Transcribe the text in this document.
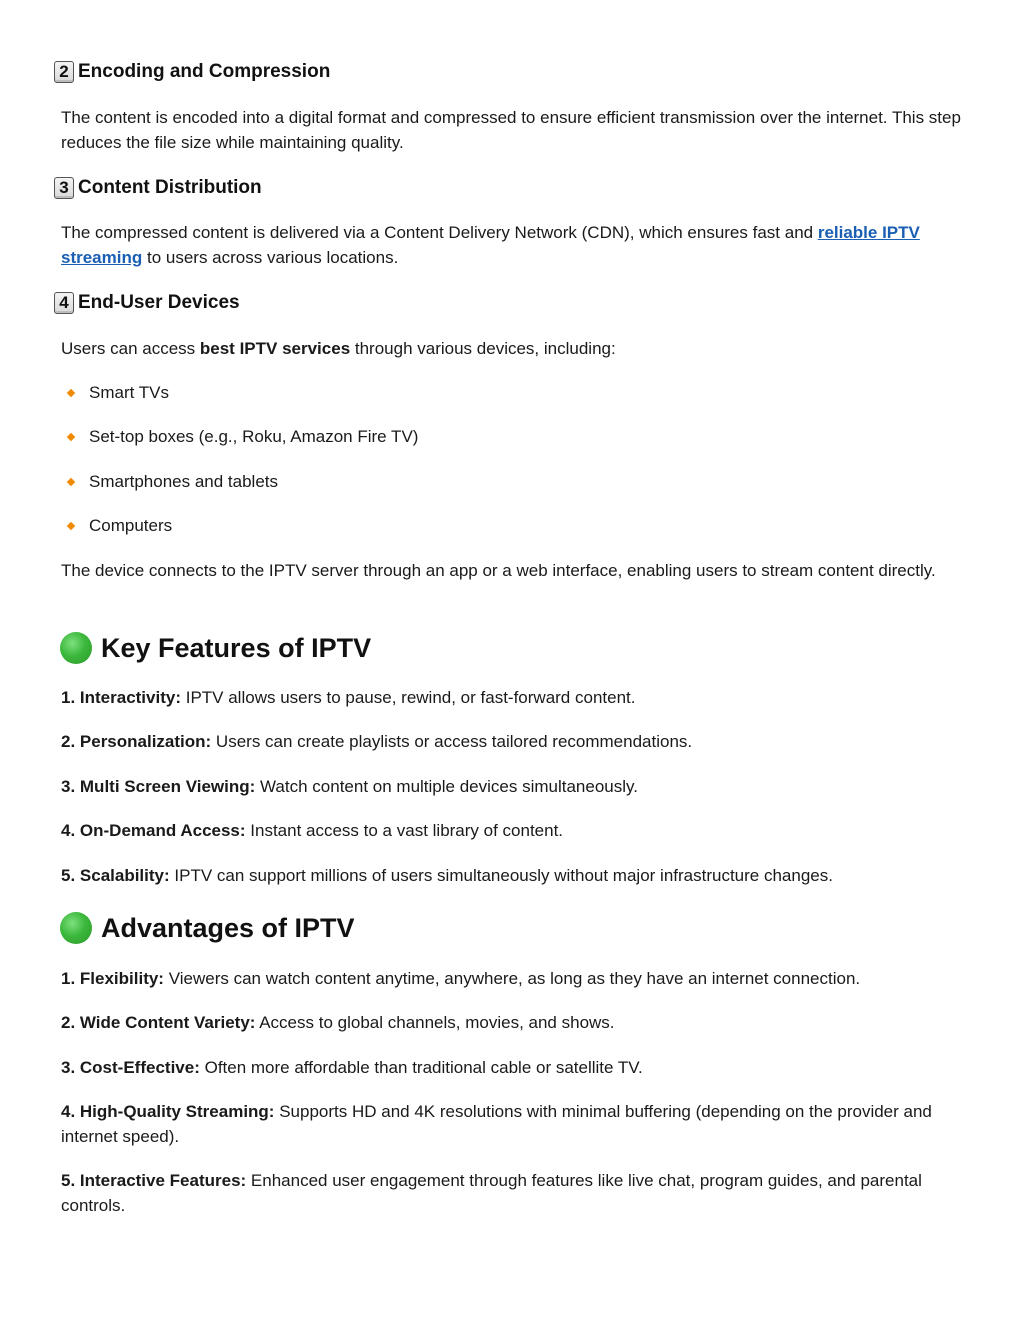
2 Encoding and Compression
The content is encoded into a digital format and compressed to ensure efficient transmission over the internet. This step reduces the file size while maintaining quality.
3 Content Distribution
The compressed content is delivered via a Content Delivery Network (CDN), which ensures fast and reliable IPTV streaming to users across various locations.
4 End-User Devices
Users can access best IPTV services through various devices, including:
Smart TVs
Set-top boxes (e.g., Roku, Amazon Fire TV)
Smartphones and tablets
Computers
The device connects to the IPTV server through an app or a web interface, enabling users to stream content directly.
Key Features of IPTV
1. Interactivity: IPTV allows users to pause, rewind, or fast-forward content.
2. Personalization: Users can create playlists or access tailored recommendations.
3. Multi Screen Viewing: Watch content on multiple devices simultaneously.
4. On-Demand Access: Instant access to a vast library of content.
5. Scalability: IPTV can support millions of users simultaneously without major infrastructure changes.
Advantages of IPTV
1. Flexibility: Viewers can watch content anytime, anywhere, as long as they have an internet connection.
2. Wide Content Variety: Access to global channels, movies, and shows.
3. Cost-Effective: Often more affordable than traditional cable or satellite TV.
4. High-Quality Streaming: Supports HD and 4K resolutions with minimal buffering (depending on the provider and internet speed).
5. Interactive Features: Enhanced user engagement through features like live chat, program guides, and parental controls.
